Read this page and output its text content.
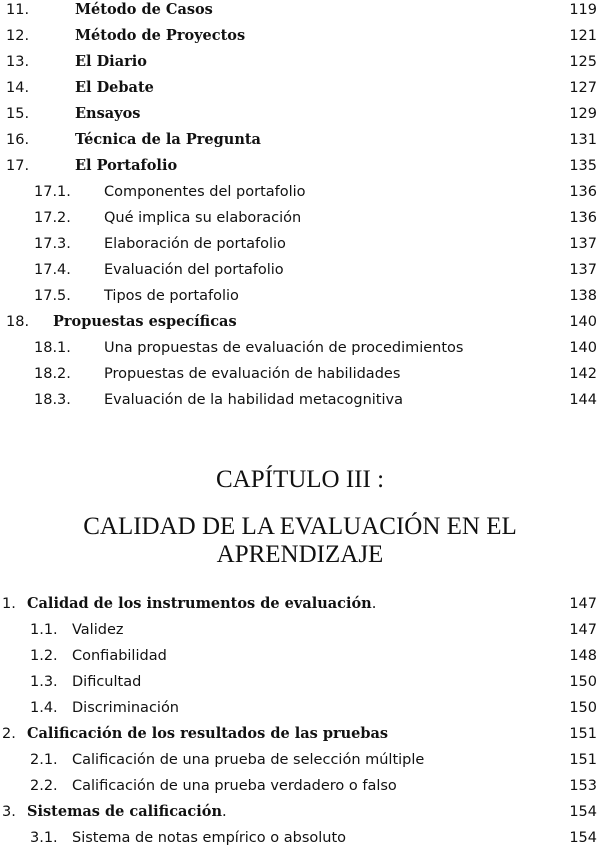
11.	Método de Casos	119
12.	Método de Proyectos	121
13.	El Diario	125
14.	El Debate	127
15.	Ensayos	129
16.	Técnica de la Pregunta	131
17.	El Portafolio	135
17.1. Componentes del portafolio	136
17.2. Qué implica su elaboración	136
17.3. Elaboración de portafolio	137
17.4. Evaluación del portafolio	137
17.5. Tipos de portafolio	138
18. Propuestas específicas	140
18.1. Una propuestas de evaluación de procedimientos	140
18.2. Propuestas de evaluación de habilidades	142
18.3. Evaluación de la habilidad metacognitiva	144
CAPÍTULO III :
CALIDAD DE LA EVALUACIÓN EN EL
APRENDIZAJE
1. Calidad de los instrumentos de evaluación.	147
1.1. Validez	147
1.2. Confiabilidad	148
1.3. Dificultad	150
1.4. Discriminación	150
2. Calificación de los resultados de las pruebas	151
2.1. Calificación de una prueba de selección múltiple	151
2.2. Calificación de una prueba verdadero o falso	153
3. Sistemas de calificación.	154
3.1. Sistema de notas empírico o absoluto	154
